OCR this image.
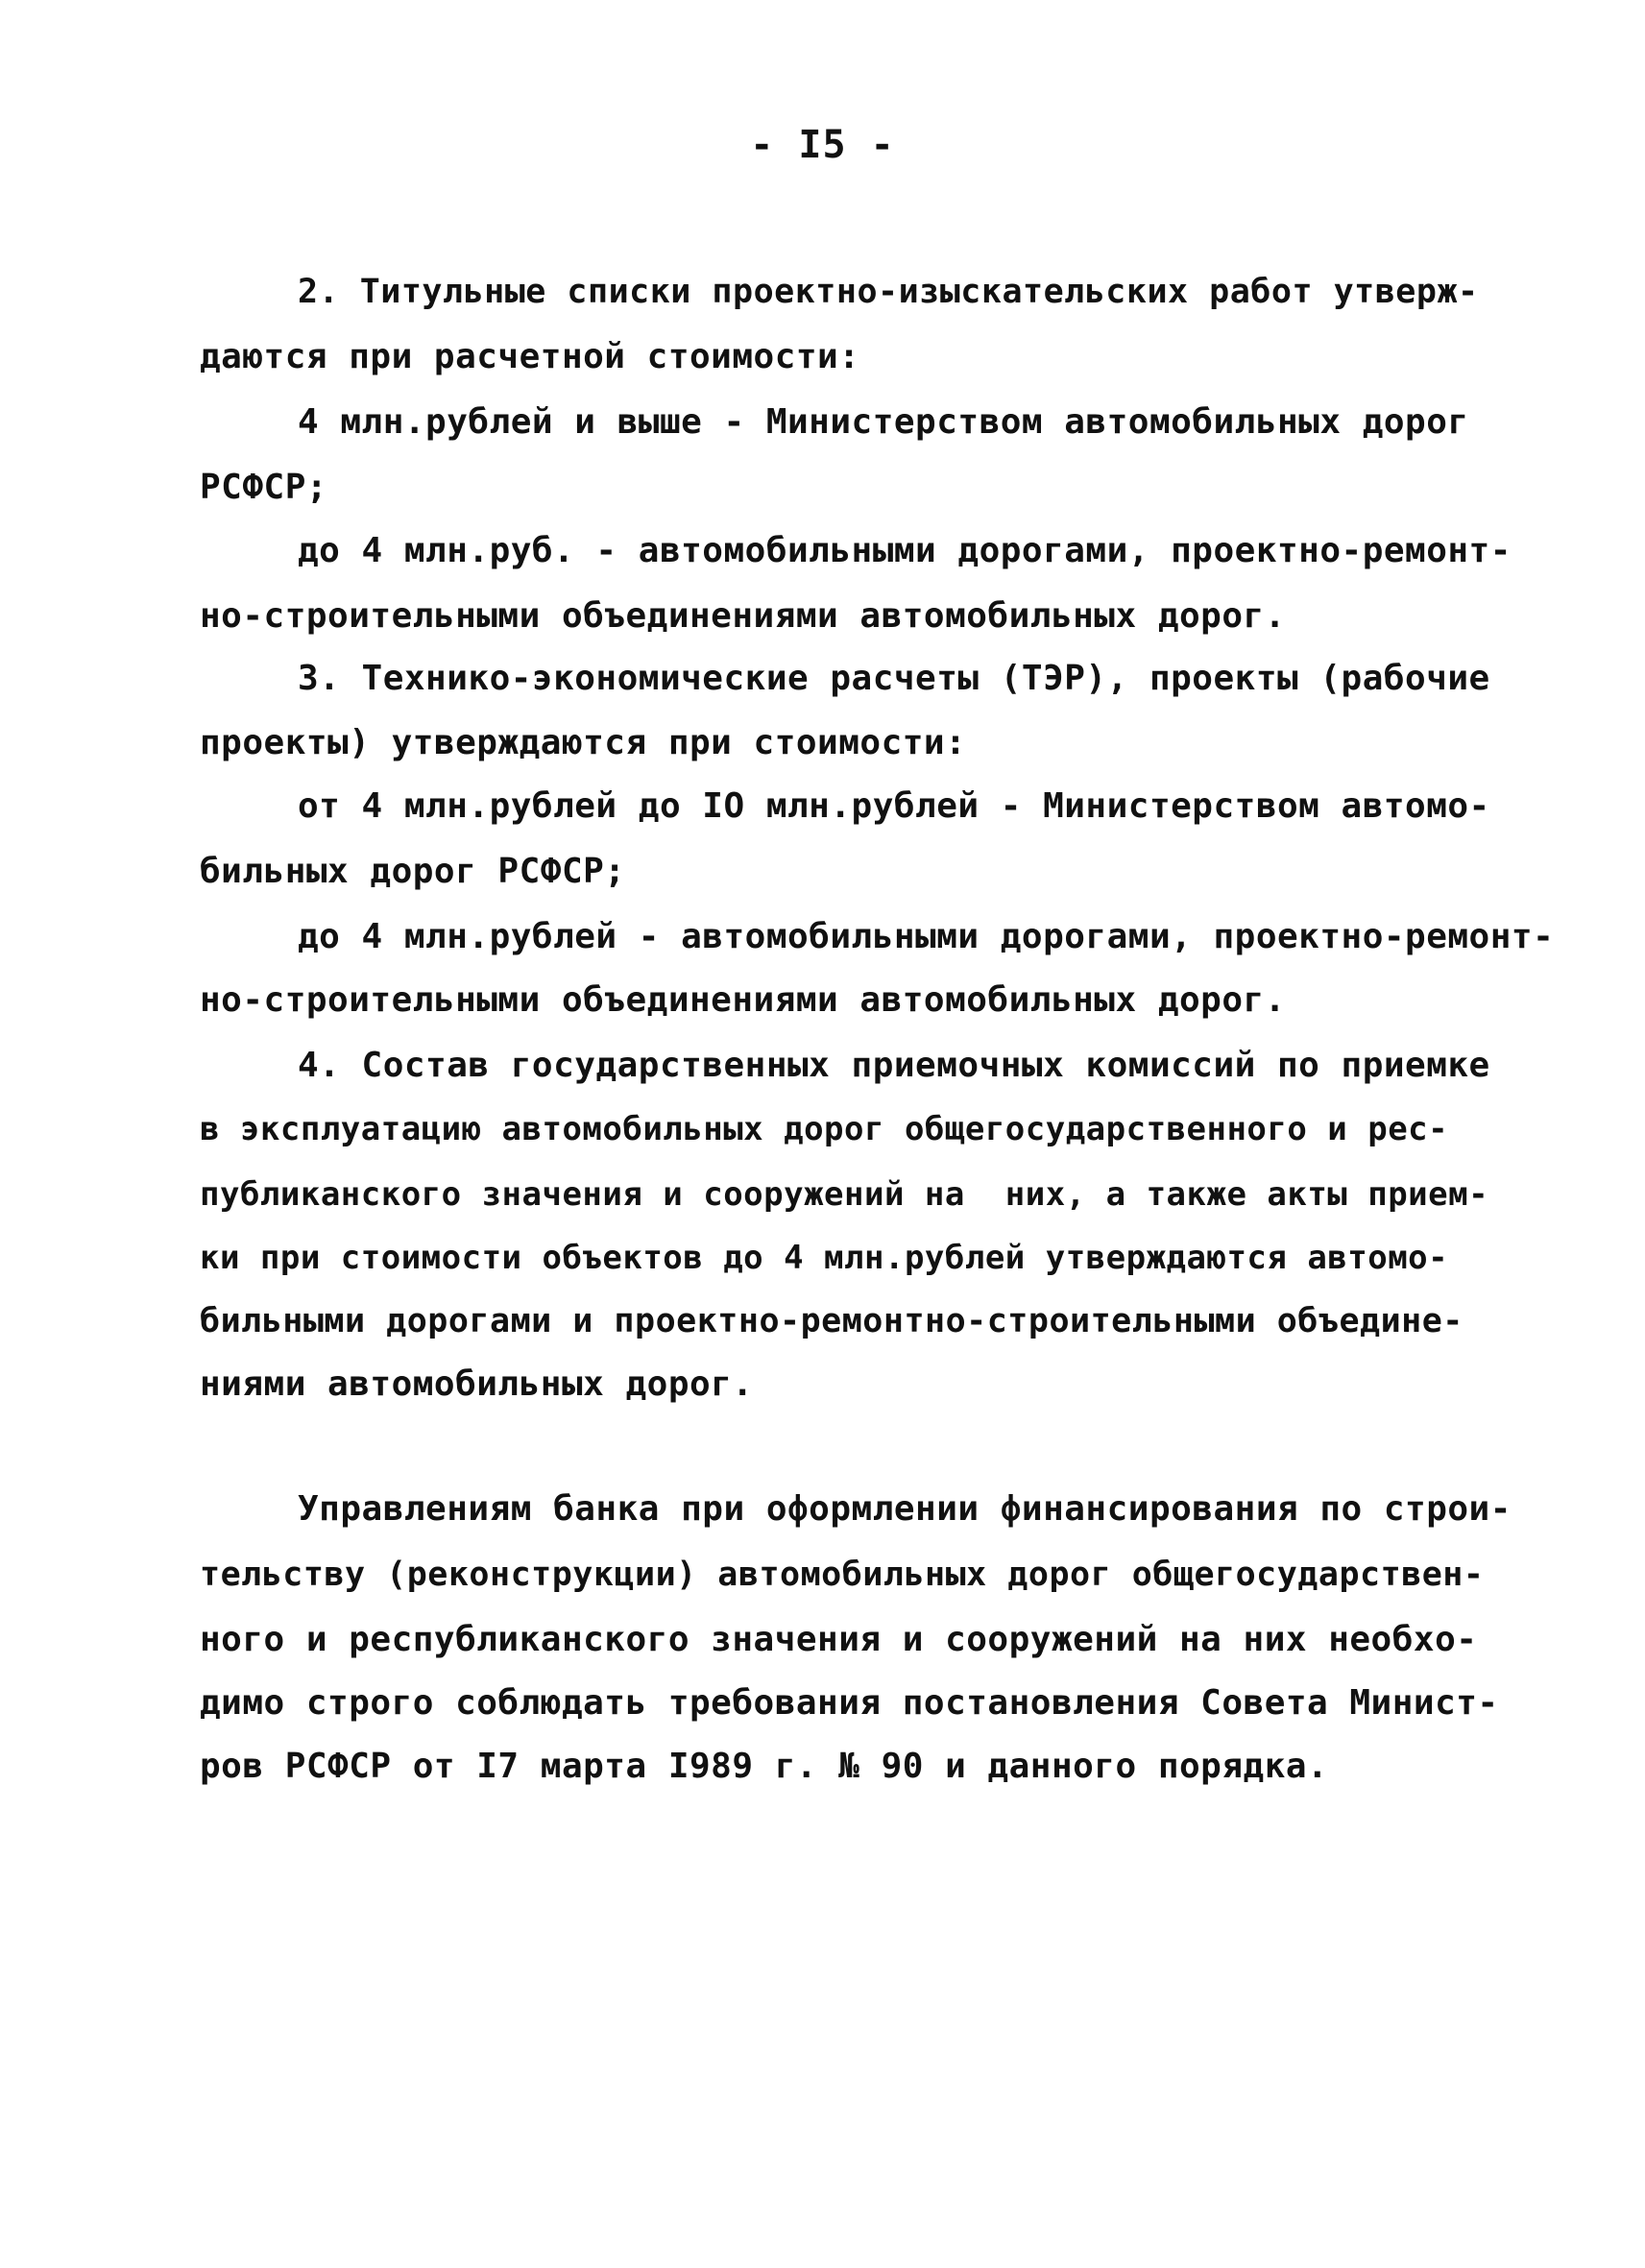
- I5 -
2. Титульные списки проектно-изыскательских работ утверж-
даются при расчетной стоимости:
4 млн.рублей и выше - Министерством автомобильных дорог
РСФСР;
до 4 млн.руб. - автомобильными дорогами, проектно-ремонт-
но-строительными объединениями автомобильных дорог.
3. Технико-экономические расчеты (ТЭР), проекты (рабочие
проекты) утверждаются при стоимости:
от 4 млн.рублей до IO млн.рублей - Министерством автомо-
бильных дорог РСФСР;
до 4 млн.рублей - автомобильными дорогами, проектно-ремонт-
но-строительными объединениями автомобильных дорог.
4. Состав государственных приемочных комиссий по приемке
в эксплуатацию автомобильных дорог общегосударственного и рес-
публиканского значения и сооружений на  них, а также акты прием-
ки при стоимости объектов до 4 млн.рублей утверждаются автомо-
бильными дорогами и проектно-ремонтно-строительными объедине-
ниями автомобильных дорог.
Управлениям банка при оформлении финансирования по строи-
тельству (реконструкции) автомобильных дорог общегосударствен-
ного и республиканского значения и сооружений на них необхо-
димо строго соблюдать требования постановления Совета Минист-
ров РСФСР от I7 марта I989 г. № 90 и данного порядка.
